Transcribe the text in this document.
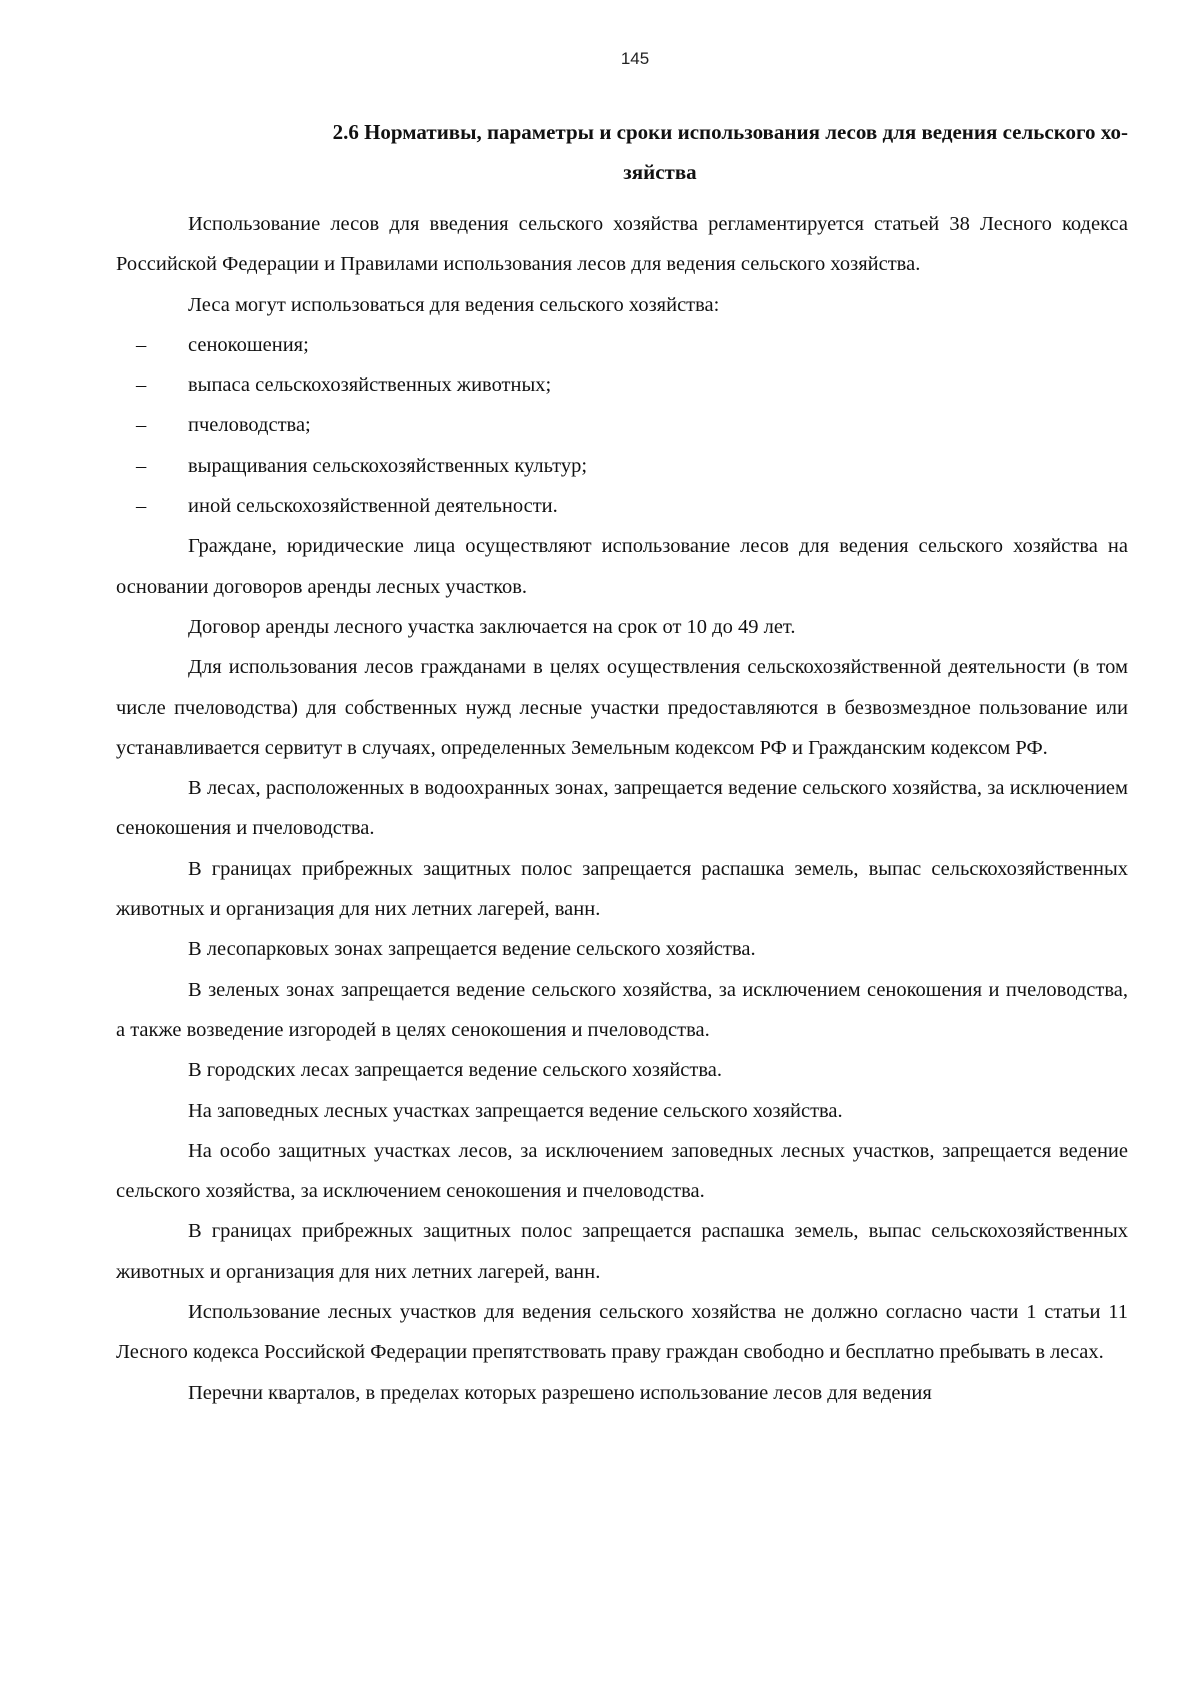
145
2.6 Нормативы, параметры и сроки использования лесов для ведения сельского хо-
зяйства

Использование лесов для введения сельского хозяйства регламентируется статьей 38 Лесного кодекса Российской Федерации и Правилами использования лесов для ведения сельского хозяйства.

Леса могут использоваться для ведения сельского хозяйства:

– сенокошения;

– выпаса сельскохозяйственных животных;

– пчеловодства;

– выращивания сельскохозяйственных культур;

– иной сельскохозяйственной деятельности.

Граждане, юридические лица осуществляют использование лесов для ведения сельского хозяйства на основании договоров аренды лесных участков.

Договор аренды лесного участка заключается на срок от 10 до 49 лет.

Для использования лесов гражданами в целях осуществления сельскохозяйственной деятельности (в том числе пчеловодства) для собственных нужд лесные участки предоставляются в безвозмездное пользование или устанавливается сервитут в случаях, определенных Земельным кодексом РФ и Гражданским кодексом РФ.

В лесах, расположенных в водоохранных зонах, запрещается ведение сельского хозяйства, за исключением сенокошения и пчеловодства.

В границах прибрежных защитных полос запрещается распашка земель, выпас сельскохозяйственных животных и организация для них летних лагерей, ванн.

В лесопарковых зонах запрещается ведение сельского хозяйства.

В зеленых зонах запрещается ведение сельского хозяйства, за исключением сенокошения и пчеловодства, а также возведение изгородей в целях сенокошения и пчеловодства.

В городских лесах запрещается ведение сельского хозяйства.

На заповедных лесных участках запрещается ведение сельского хозяйства.

На особо защитных участках лесов, за исключением заповедных лесных участков, запрещается ведение сельского хозяйства, за исключением сенокошения и пчеловодства.

В границах прибрежных защитных полос запрещается распашка земель, выпас сельскохозяйственных животных и организация для них летних лагерей, ванн.

Использование лесных участков для ведения сельского хозяйства не должно согласно части 1 статьи 11 Лесного кодекса Российской Федерации препятствовать праву граждан свободно и бесплатно пребывать в лесах.

Перечни кварталов, в пределах которых разрешено использование лесов для ведения
